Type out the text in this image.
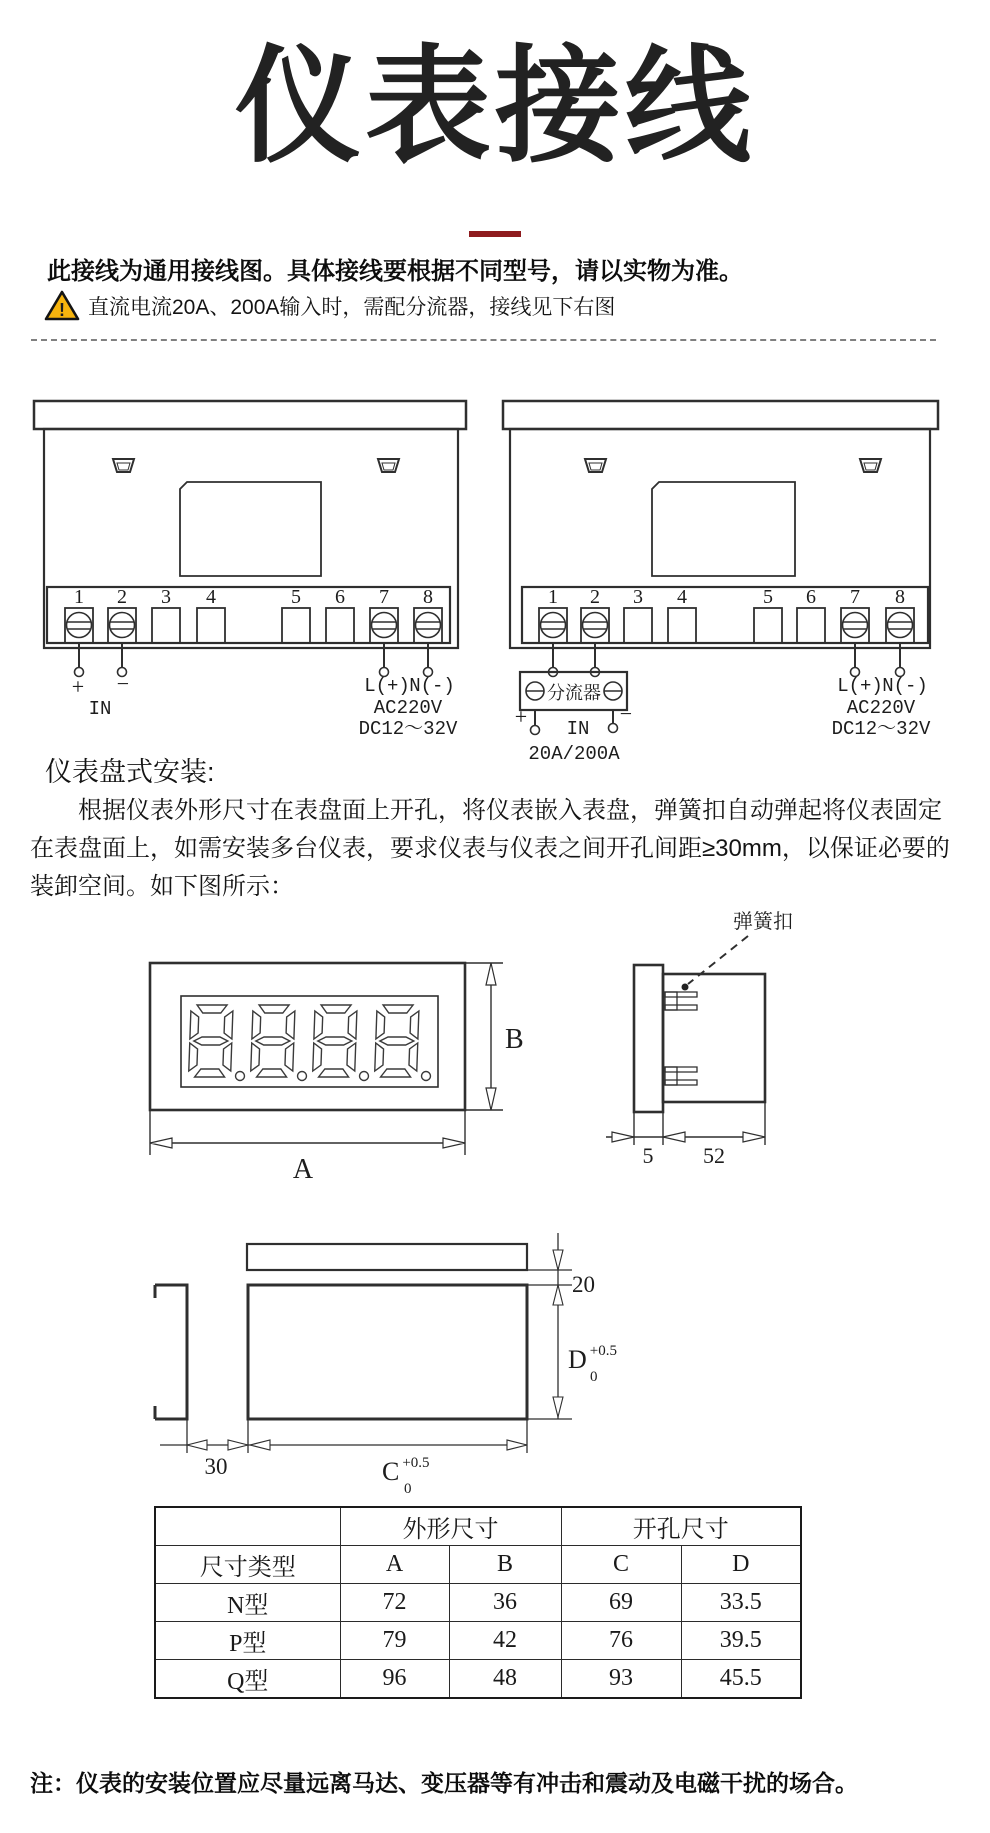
仪表接线
此接线为通用接线图。具体接线要根据不同型号，请以实物为准。
! 直流电流20A、200A输入时，需配分流器，接线见下右图
1 2 3 4	5 6 7 8
+ −
IN
L(+) N(-)
AC220V
DC12～32V
1 2 3 4	5 6 7 8
分流器
+	−
IN
20A/200A
L(+) N(-)
AC220V
DC12～32V
仪表盘式安装:
根据仪表外形尺寸在表盘面上开孔，将仪表嵌入表盘，弹簧扣自动弹起将仪表固定在表盘面上，如需安装多台仪表，要求仪表与仪表之间开孔间距≥30mm，以保证必要的装卸空间。如下图所示：
B
A
弹簧扣
5 52
20
D $^{+0.5}$ 0
30	C $^{+0.5}$ 0
	外形尺寸		开孔尺寸	
尺寸类型	A	B	C	D
N型	72	36	69	33.5
P型	79	42	76	39.5
Q型	96	48	93	45.5
注：仪表的安装位置应尽量远离马达、变压器等有冲击和震动及电磁干扰的场合。
